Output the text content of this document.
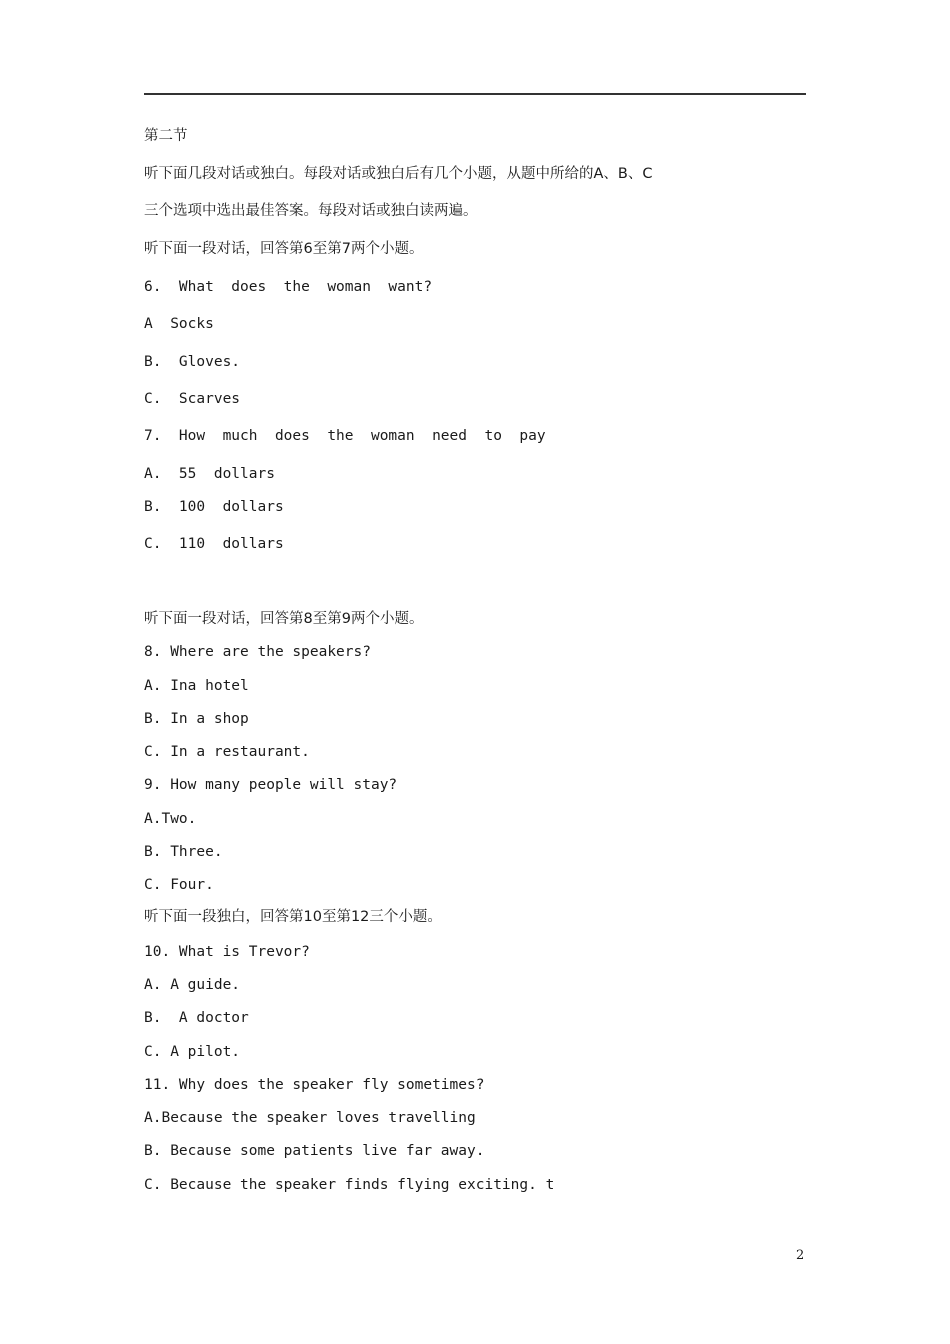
第二节
听下面几段对话或独白。每段对话或独白后有几个小题，从题中所给的A、B、C
三个选项中选出最佳答案。每段对话或独白读两遍。
听下面一段对话，回答第6至第7两个小题。
6.  What  does  the  woman  want?
A  Socks
B.  Gloves.
C.  Scarves
7.  How  much  does  the  woman  need  to  pay
A.  55  dollars
B.  100  dollars
C.  110  dollars
听下面一段对话，回答第8至第9两个小题。
8. Where are the speakers?
A. Ina hotel
B. In a shop
C. In a restaurant.
9. How many people will stay?
A.Two.
B. Three.
C. Four.
听下面一段独白，回答第10至第12三个小题。
10. What is Trevor?
A. A guide.
B.  A doctor
C. A pilot.
11. Why does the speaker fly sometimes?
A.Because the speaker loves travelling
B. Because some patients live far away.
C. Because the speaker finds flying exciting. t
2
